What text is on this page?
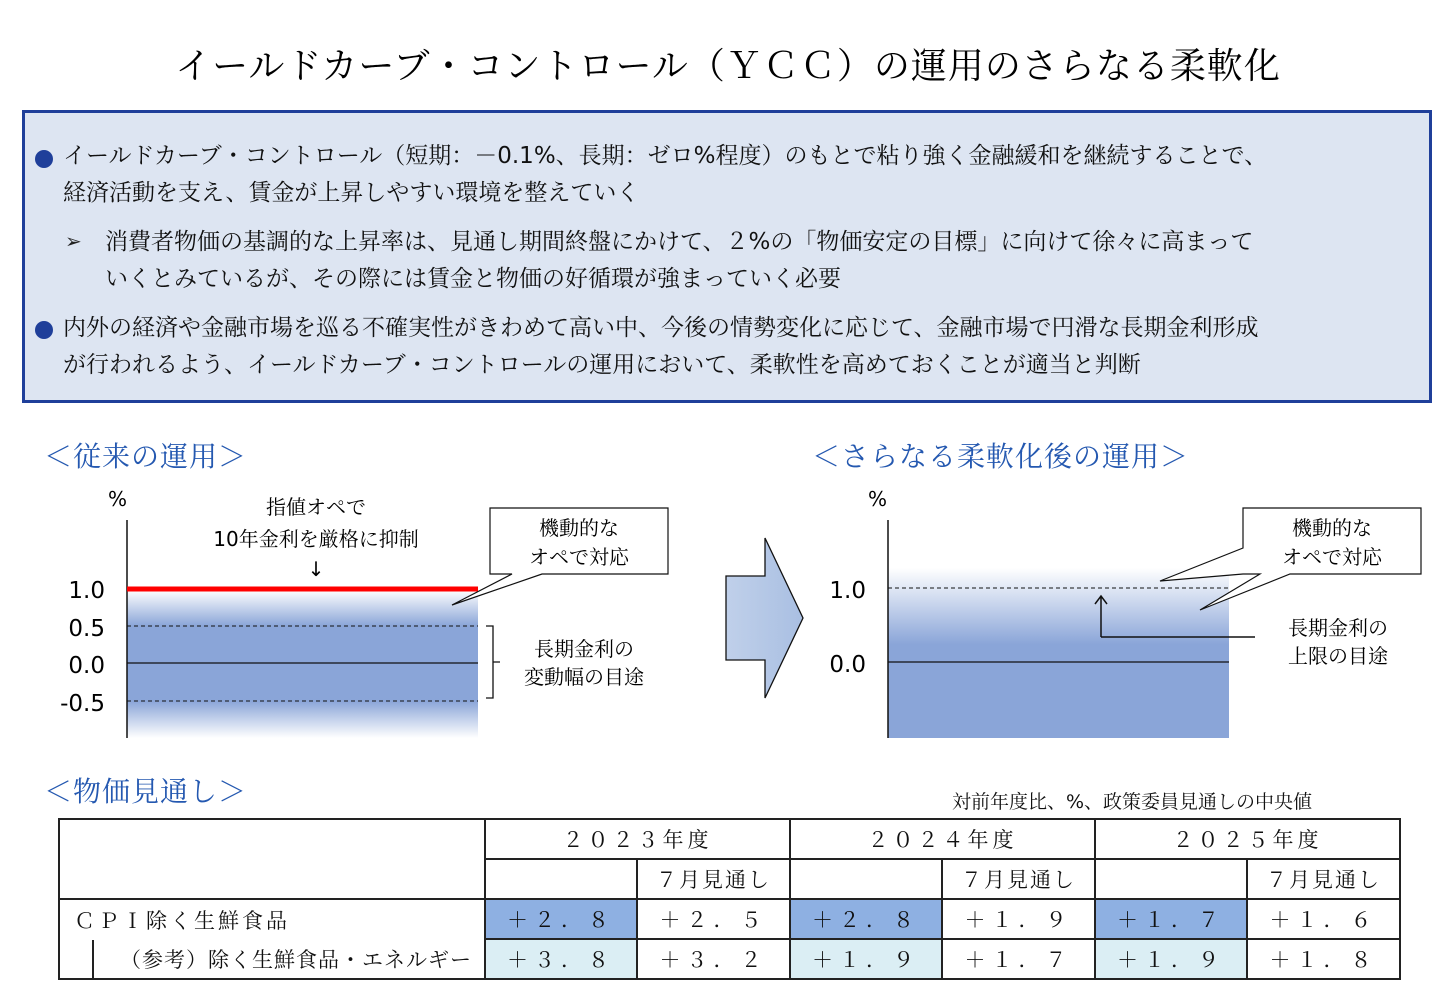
イールドカーブ・コントロール（ＹＣＣ）の運用のさらなる柔軟化
イールドカーブ・コントロール（短期：－0.1%、長期：ゼロ%程度）のもとで粘り強く金融緩和を継続することで、
経済活動を支え、賃金が上昇しやすい環境を整えていく
➢ 消費者物価の基調的な上昇率は、見通し期間終盤にかけて、２%の「物価安定の目標」に向けて徐々に高まって
いくとみているが、その際には賃金と物価の好循環が強まっていく必要
内外の経済や金融市場を巡る不確実性がきわめて高い中、今後の情勢変化に応じて、金融市場で円滑な長期金利形成
が行われるよう、イールドカーブ・コントロールの運用において、柔軟性を高めておくことが適当と判断
＜従来の運用＞	＜さらなる柔軟化後の運用＞
%
1.0
0.5
0.0
-0.5
指値オペで
10年金利を厳格に抑制
↓
機動的な
オペで対応
長期金利の
変動幅の目途
%
1.0
0.0
機動的な
オペで対応
長期金利の
上限の目途
＜物価見通し＞	対前年度比、%、政策委員見通しの中央値
	２０２３年度		２０２４年度		２０２５年度	
		７月見通し		７月見通し		７月見通し
ＣＰＩ除く生鮮食品	＋２．８	＋２．５	＋２．８	＋１．９	＋１．７	＋１．６

（参考）除く生鮮食品・エネルギー	＋３．８	＋３．２	＋１．９	＋１．７	＋１．９	＋１．８
